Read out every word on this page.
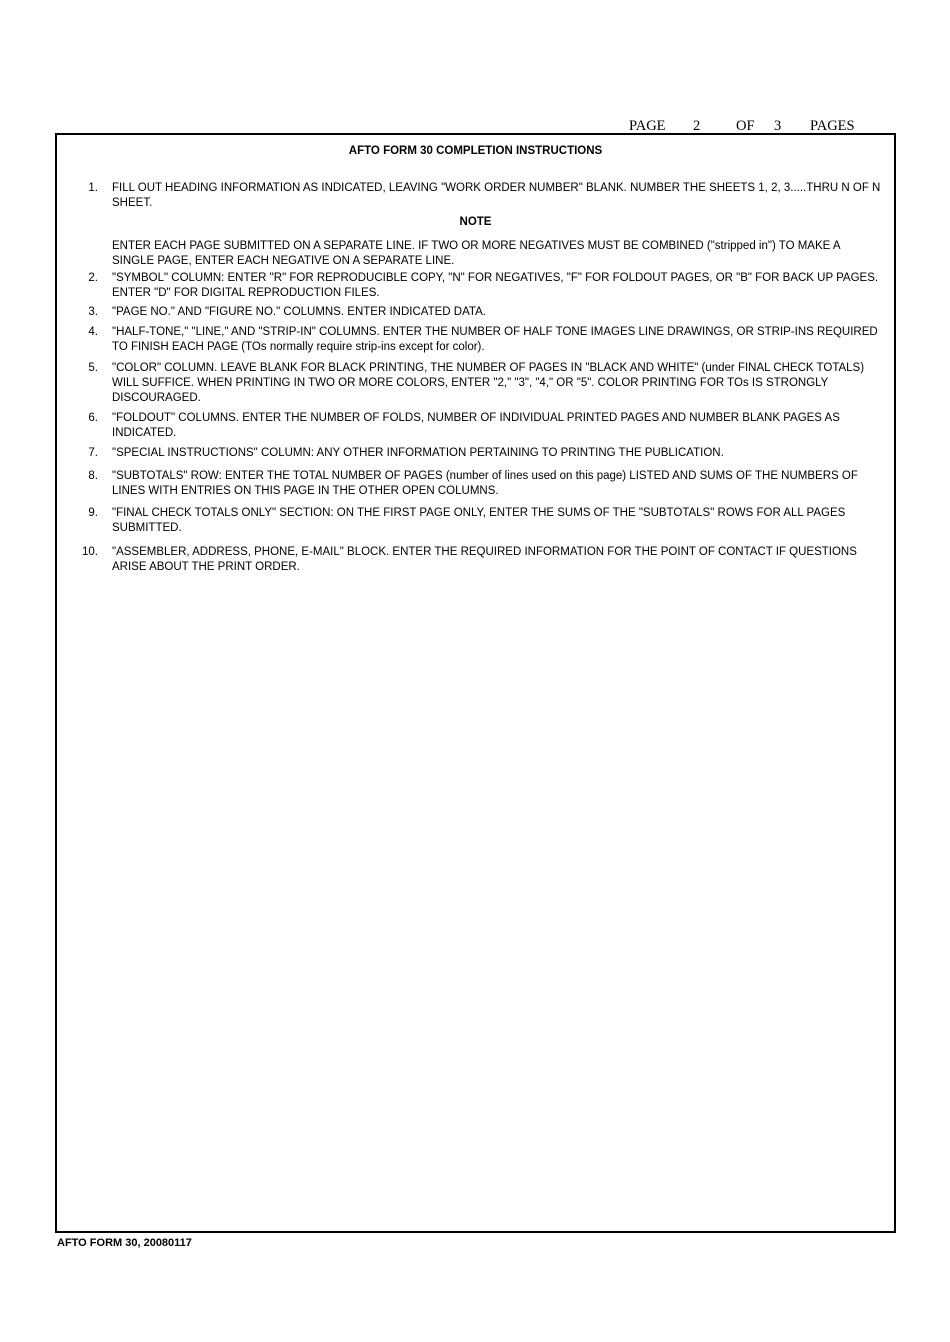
PAGE 2 OF 3 PAGES
AFTO FORM 30 COMPLETION INSTRUCTIONS
1. FILL OUT HEADING INFORMATION AS INDICATED, LEAVING "WORK ORDER NUMBER" BLANK. NUMBER THE SHEETS 1, 2, 3.....THRU N OF N SHEET.
NOTE
ENTER EACH PAGE SUBMITTED ON A SEPARATE LINE. IF TWO OR MORE NEGATIVES MUST BE COMBINED ("stripped in") TO MAKE A SINGLE PAGE, ENTER EACH NEGATIVE ON A SEPARATE LINE.
2. "SYMBOL" COLUMN: ENTER "R" FOR REPRODUCIBLE COPY, "N" FOR NEGATIVES, "F" FOR FOLDOUT PAGES, OR "B" FOR BACK UP PAGES. ENTER "D" FOR DIGITAL REPRODUCTION FILES.
3. "PAGE NO." AND "FIGURE NO." COLUMNS. ENTER INDICATED DATA.
4. "HALF-TONE," "LINE," AND "STRIP-IN" COLUMNS. ENTER THE NUMBER OF HALF TONE IMAGES LINE DRAWINGS, OR STRIP-INS REQUIRED TO FINISH EACH PAGE (TOs normally require strip-ins except for color).
5. "COLOR" COLUMN. LEAVE BLANK FOR BLACK PRINTING, THE NUMBER OF PAGES IN "BLACK AND WHITE" (under FINAL CHECK TOTALS) WILL SUFFICE. WHEN PRINTING IN TWO OR MORE COLORS, ENTER "2," "3", "4," OR "5". COLOR PRINTING FOR TOs IS STRONGLY DISCOURAGED.
6. "FOLDOUT" COLUMNS. ENTER THE NUMBER OF FOLDS, NUMBER OF INDIVIDUAL PRINTED PAGES AND NUMBER BLANK PAGES AS INDICATED.
7. "SPECIAL INSTRUCTIONS" COLUMN: ANY OTHER INFORMATION PERTAINING TO PRINTING THE PUBLICATION.
8. "SUBTOTALS" ROW: ENTER THE TOTAL NUMBER OF PAGES (number of lines used on this page) LISTED AND SUMS OF THE NUMBERS OF LINES WITH ENTRIES ON THIS PAGE IN THE OTHER OPEN COLUMNS.
9. "FINAL CHECK TOTALS ONLY" SECTION: ON THE FIRST PAGE ONLY, ENTER THE SUMS OF THE "SUBTOTALS" ROWS FOR ALL PAGES SUBMITTED.
10. "ASSEMBLER, ADDRESS, PHONE, E-MAIL" BLOCK. ENTER THE REQUIRED INFORMATION FOR THE POINT OF CONTACT IF QUESTIONS ARISE ABOUT THE PRINT ORDER.
AFTO FORM 30, 20080117
